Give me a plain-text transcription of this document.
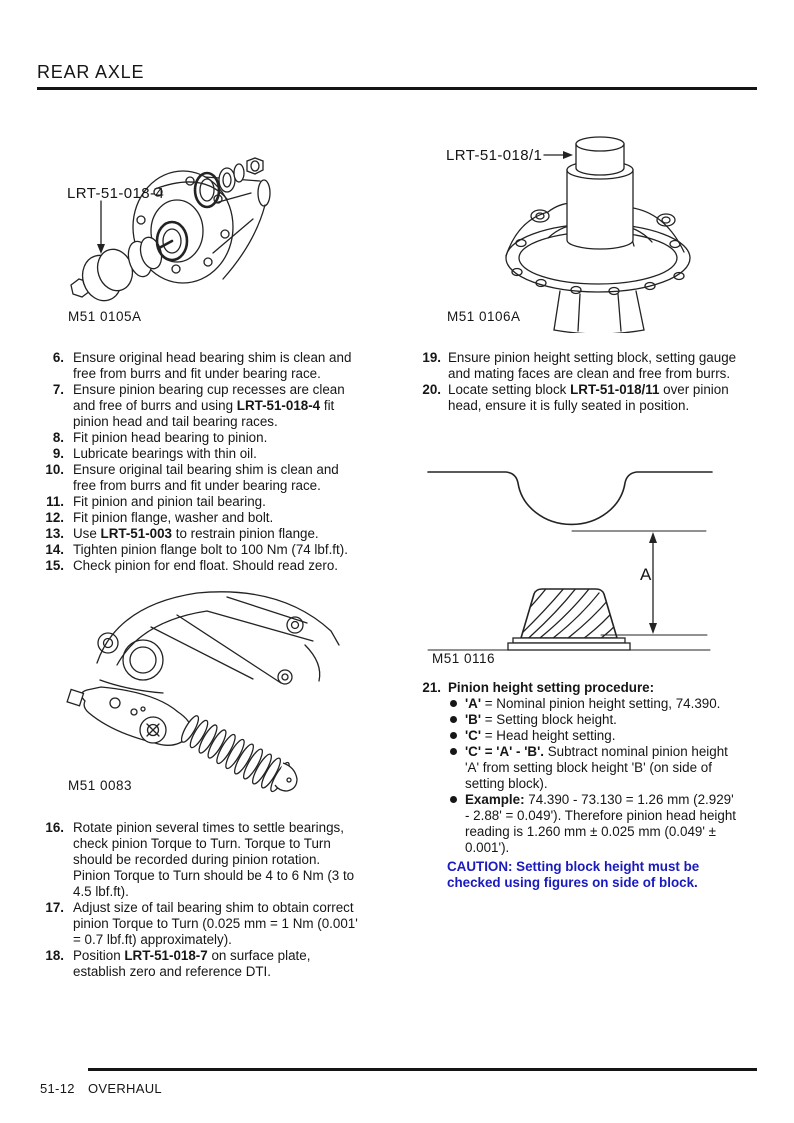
REAR AXLE
LRT-51-018-4
M51 0105A
LRT-51-018/1
M51 0106A
6. Ensure original head bearing shim is clean and free from burrs and fit under bearing race.
7. Ensure pinion bearing cup recesses are clean and free of burrs and using LRT-51-018-4 fit pinion head and tail bearing races.
8. Fit pinion head bearing to pinion.
9. Lubricate bearings with thin oil.
10. Ensure original tail bearing shim is clean and free from burrs and fit under bearing race.
11. Fit pinion and pinion tail bearing.
12. Fit pinion flange, washer and bolt.
13. Use LRT-51-003 to restrain pinion flange.
14. Tighten pinion flange bolt to 100 Nm (74 lbf.ft).
15. Check pinion for end float. Should read zero.
19. Ensure pinion height setting block, setting gauge and mating faces are clean and free from burrs.
20. Locate setting block LRT-51-018/11 over pinion head, ensure it is fully seated in position.
A
M51 0116
M51 0083
16. Rotate pinion several times to settle bearings, check pinion Torque to Turn. Torque to Turn should be recorded during pinion rotation. Pinion Torque to Turn should be 4 to 6 Nm (3 to 4.5 lbf.ft).
17. Adjust size of tail bearing shim to obtain correct pinion Torque to Turn (0.025 mm = 1 Nm (0.001' = 0.7 lbf.ft) approximately).
18. Position LRT-51-018-7 on surface plate, establish zero and reference DTI.
21. Pinion height setting procedure:
'A' = Nominal pinion height setting, 74.390.
'B' = Setting block height.
'C' = Head height setting.
'C' = 'A' - 'B'. Subtract nominal pinion height 'A' from setting block height 'B' (on side of setting block).
Example: 74.390 - 73.130 = 1.26 mm (2.929' - 2.88' = 0.049'). Therefore pinion head height reading is 1.260 mm ± 0.025 mm (0.049' ± 0.001').
CAUTION: Setting block height must be checked using figures on side of block.
51-12 OVERHAUL
